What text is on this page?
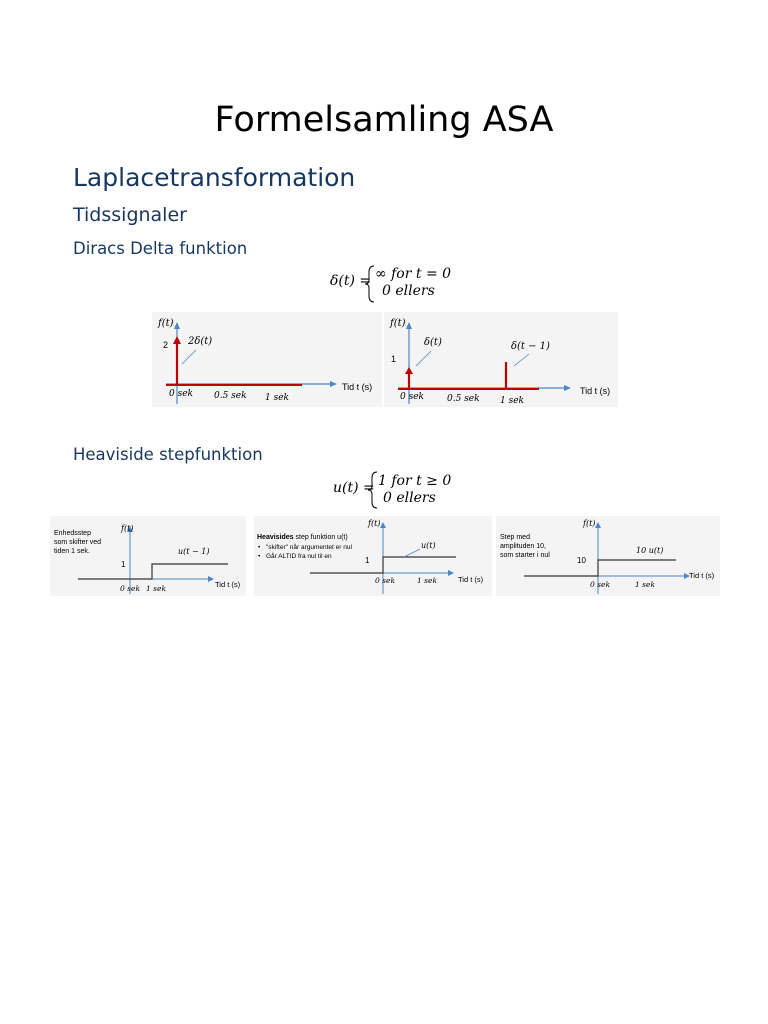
Formelsamling ASA
Laplacetransformation
Tidssignaler
Diracs Delta funktion
δ(t) = ∞ for t = 0
0 ellers
f(t)
2 2δ(t)
0 sek 0.5 sek 1 sek
Tid t (s)
f(t)
1
δ(t)	δ(t − 1)
0 sek	0.5 sek 1 sek
Tid t (s)
Heaviside stepfunktion
u(t) = 1 for t ≥ 0
0 ellers
Enhedsstep
som skifter ved
tiden 1 sek.
f(t)
1
u(t − 1)
0 sek 1 sek	Tid t (s)
Heavisides step funktion u(t)
• "skifter" når argumentet er nul
• Går ALTID fra nul til en
f(t)
1
u(t)
0 sek	1 sek	Tid t (s)
Step med
amplituden 10,
som starter i nul
f(t)
10
10 u(t)
0 sek	1 sek
Tid t (s)
